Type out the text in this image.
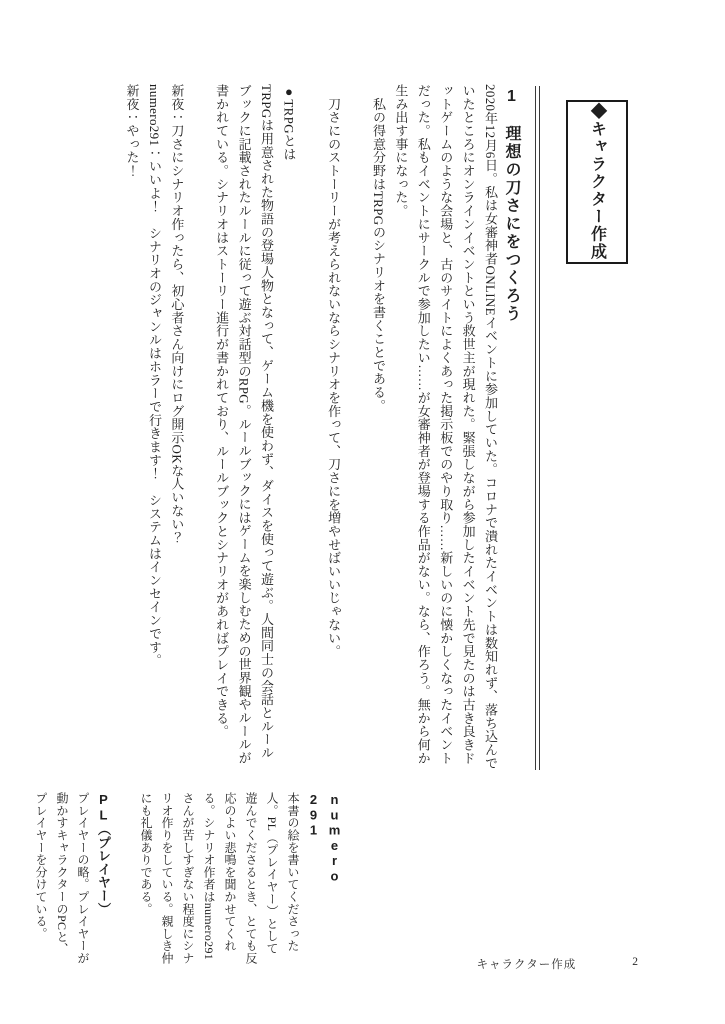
◆キャラクター作成
1　理想の刀さにをつくろう

2020年12月6日。私は女審神者ONLINEイベントに参加していた。コロナで潰れたイベントは数知れず、落ち込んでいたところにオンラインイベントという救世主が現れた。緊張しながら参加したイベント先で見たのは古き良きドットゲームのような会場と、古のサイトによくあった掲示板でのやり取り……新しいのに懐かしくなったイベントだった。私もイベントにサークルで参加したい……が女審神者が登場する作品がない。なら、作ろう。無から何か生み出す事になった。

　私の得意分野はTRPGのシナリオを書くことである。

　刀さにのストーリーが考えられないならシナリオを作って、刀さにを増やせばいいじゃない。

●TRPGとは

TRPGは用意された物語の登場人物となって、ゲーム機を使わず、ダイスを使って遊ぶ。人間同士の会話とルールブックに記載されたルールに従って遊ぶ対話型のRPG。ルールブックにはゲームを楽しむための世界観やルールが書かれている。シナリオはストーリー進行が書かれており、ルールブックとシナリオがあればプレイできる。

新夜：刀さにシナリオ作ったら、初心者さん向けにログ開示OKな人いない？

numero291：いいよ！　シナリオのジャンルはホラーで行きます！　システムはインセインです。

新夜：やった！

numero

291

本書の絵を書いてくださった人。PL（プレイヤー）として遊んでくださるとき、とても反応のよい悲鳴を聞かせてくれる。シナリオ作者はnumero291さんが苦しすぎない程度にシナリオ作りをしている。親しき仲にも礼儀ありである。

PL（プレイヤー）

プレイヤーの略。プレイヤーが動かすキャラクターのPCと、プレイヤーを分けている。

キャラクター作成	2
